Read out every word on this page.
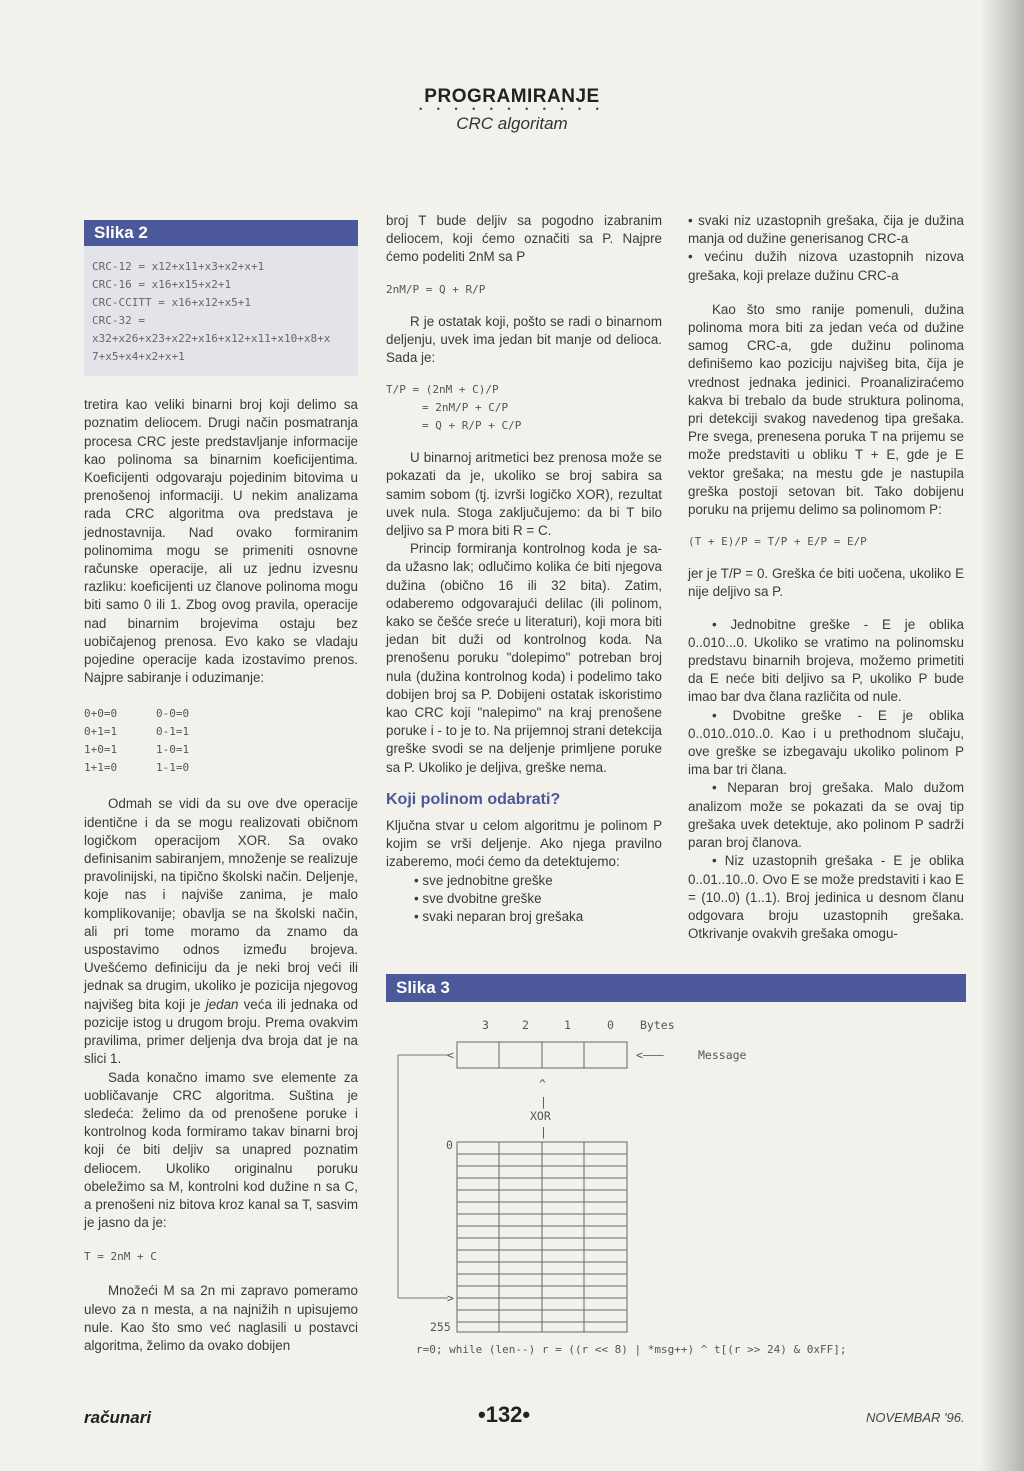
PROGRAMIRANJE
• • • • • • • • • • •
CRC algoritam
Slika 2
CRC-12 = x12+x11+x3+x2+x+1
CRC-16 = x16+x15+x2+1
CRC-CCITT = x16+x12+x5+1
CRC-32 =
x32+x26+x23+x22+x16+x12+x11+x10+x8+x
7+x5+x4+x2+x+1

tretira kao veliki binarni broj koji delimo sa poznatim deliocem. Drugi način posmatranja procesa CRC jeste predstavljanje informacije kao polinoma sa binarnim koeficijentima. Koeficijenti odgovaraju pojedinim bitovima u prenošenoj informaciji. U nekim analizama rada CRC algoritma ova predstava je jednostavnija. Nad ovako formiranim polinomima mogu se primeniti osnovne računske operacije, ali uz jednu izvesnu razliku: koeficijenti uz članove polinoma mogu biti samo 0 ili 1. Zbog ovog pravila, operacije nad binarnim brojevima ostaju bez uobičajenog prenosa. Evo kako se vladaju pojedine operacije kada izostavimo prenos. Najpre sabiranje i oduzimanje:

0+0=0	0-0=0
0+1=1	0-1=1
1+0=1	1-0=1
1+1=0	1-1=0

Odmah se vidi da su ove dve operacije identične i da se mogu realizovati običnom logičkom operacijom XOR. Sa ovako definisanim sabiranjem, množenje se realizuje pravolinijski, na tipično školski način. Deljenje, koje nas i najviše zanima, je malo komplikovanije; obavlja se na školski način, ali pri tome moramo da znamo da uspostavimo odnos između brojeva. Uvešćemo definiciju da je neki broj veći ili jednak sa drugim, ukoliko je pozicija njegovog najvišeg bita koji je jedan veća ili jednaka od pozicije istog u drugom broju. Prema ovakvim pravilima, primer deljenja dva broja dat je na slici 1.

Sada konačno imamo sve elemente za uobličavanje CRC algoritma. Suština je sledeća: želimo da od prenošene poruke i kontrolnog koda formiramo takav binarni broj koji će biti deljiv sa unapred poznatim deliocem. Ukoliko originalnu poruku obeležimo sa M, kontrolni kod dužine n sa C, a prenošeni niz bitova kroz kanal sa T, sasvim je jasno da je:

T = 2nM + C

Množeći M sa 2n mi zapravo pomeramo ulevo za n mesta, a na najnižih n upisujemo nule. Kao što smo već naglasili u postavci algoritma, želimo da ovako dobijen

broj T bude deljiv sa pogodno izabranim deliocem, koji ćemo označiti sa P. Najpre ćemo podeliti 2nM sa P

2nM/P = Q + R/P

R je ostatak koji, pošto se radi o binarnom deljenju, uvek ima jedan bit manje od delioca. Sada je:

T/P = (2nM + C)/P
= 2nM/P + C/P
= Q + R/P + C/P

U binarnoj aritmetici bez prenosa može se pokazati da je, ukoliko se broj sabira sa samim sobom (tj. izvrši logičko XOR), rezultat uvek nula. Stoga zaključujemo: da bi T bilo deljivo sa P mora biti R = C.

Princip formiranja kontrolnog koda je sa-da užasno lak; odlučimo kolika će biti njegova dužina (obično 16 ili 32 bita). Zatim, odaberemo odgovarajući delilac (ili polinom, kako se češće sreće u literaturi), koji mora biti jedan bit duži od kontrolnog koda. Na prenošenu poruku "dolepimo" potreban broj nula (dužina kontrolnog koda) i podelimo tako dobijen broj sa P. Dobijeni ostatak iskoristimo kao CRC koji "nalepimo" na kraj prenošene poruke i - to je to. Na prijemnoj strani detekcija greške svodi se na deljenje primljene poruke sa P. Ukoliko je deljiva, greške nema.

Koji polinom odabrati?

Ključna stvar u celom algoritmu je polinom P kojim se vrši deljenje. Ako njega pravilno izaberemo, moći ćemo da detektujemo:

• sve jednobitne greške
• sve dvobitne greške
• svaki neparan broj grešaka

• svaki niz uzastopnih grešaka, čija je dužina manja od dužine generisanog CRC-a

• većinu dužih nizova uzastopnih nizova grešaka, koji prelaze dužinu CRC-a

Kao što smo ranije pomenuli, dužina polinoma mora biti za jedan veća od dužine samog CRC-a, gde dužinu polinoma definišemo kao poziciju najvišeg bita, čija je vrednost jednaka jedinici. Proanaliziraćemo kakva bi trebalo da bude struktura polinoma, pri detekciji svakog navedenog tipa grešaka. Pre svega, prenesena poruka T na prijemu se može predstaviti u obliku T + E, gde je E vektor grešaka; na mestu gde je nastupila greška postoji setovan bit. Tako dobijenu poruku na prijemu delimo sa polinomom P:

(T + E)/P = T/P + E/P = E/P

jer je T/P = 0. Greška će biti uočena, ukoliko E nije deljivo sa P.

• Jednobitne greške - E je oblika 0..010...0. Ukoliko se vratimo na polinomsku predstavu binarnih brojeva, možemo primetiti da E neće biti deljivo sa P, ukoliko P bude imao bar dva člana različita od nule.

• Dvobitne greške - E je oblika 0..010..010..0. Kao i u prethodnom slučaju, ove greške se izbegavaju ukoliko polinom P ima bar tri člana.

• Neparan broj grešaka. Malo dužom analizom može se pokazati da se ovaj tip grešaka uvek detektuje, ako polinom P sadrži paran broj članova.

• Niz uzastopnih grešaka - E je oblika 0..01..10..0. Ovo E se može predstaviti i kao E = (10..0) (1..1). Broj jedinica u desnom članu odgovara broju uzastopnih grešaka. Otkrivanje ovakvih grešaka omogu-

Slika 3
3	2	1	0 Bytes
<
>
<———	Message
^
|
XOR
|
0
255
r=0; while (len--) r = ((r << 8) | *msg++) ^ t[(r >> 24) & 0xFF];
računari	•132•	NOVEMBAR '96.
